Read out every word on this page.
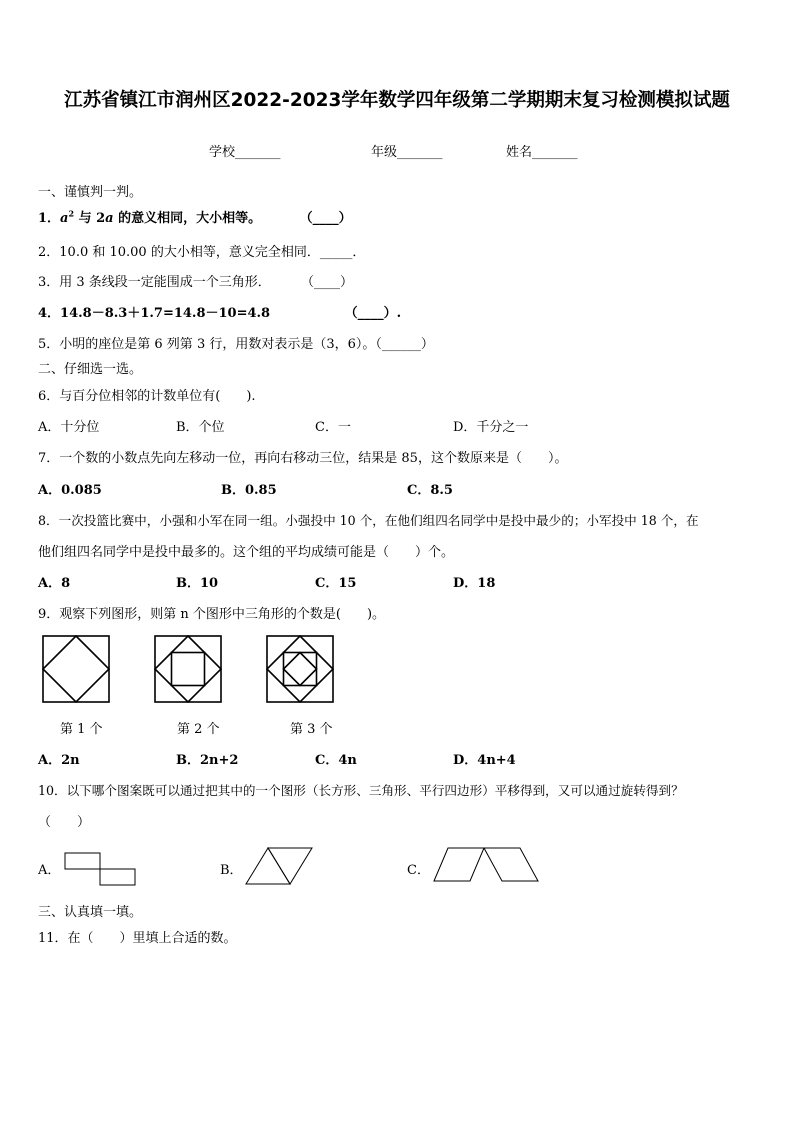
江苏省镇江市润州区2022-2023学年数学四年级第二学期期末复习检测模拟试题
学校_______	年级_______	姓名_______
一、谨慎判一判。
1．$a^2$ 与 2a 的意义相同，大小相等。	（____）
2．10.0 和 10.00 的大小相等，意义完全相同．_____．
3．用 3 条线段一定能围成一个三角形． （____）
4．14.8－8.3＋1.7=14.8－10=4.8	（____）.
5．小明的座位是第 6 列第 3 行，用数对表示是（3，6）。（______）
二、仔细选一选。
6．与百分位相邻的计数单位有(　　).
A．十分位	B．个位	C．一	D．千分之一
7．一个数的小数点先向左移动一位，再向右移动三位，结果是 85，这个数原来是（　　）。
A．0.085	B．0.85	C．8.5
8．一次投篮比赛中，小强和小军在同一组。小强投中 10 个，在他们组四名同学中是投中最少的；小军投中 18 个，在
他们组四名同学中是投中最多的。这个组的平均成绩可能是（　　）个。
A．8	B．10	C．15	D．18
9．观察下列图形，则第 n 个图形中三角形的个数是(　　)。
第 1 个	第 2 个	第 3 个
A．2n	B．2n+2	C．4n	D．4n+4
10．以下哪个图案既可以通过把其中的一个图形（长方形、三角形、平行四边形）平移得到，又可以通过旋转得到？
（　　）
A．	B．	C．
三、认真填一填。
11．在（　　）里填上合适的数。
